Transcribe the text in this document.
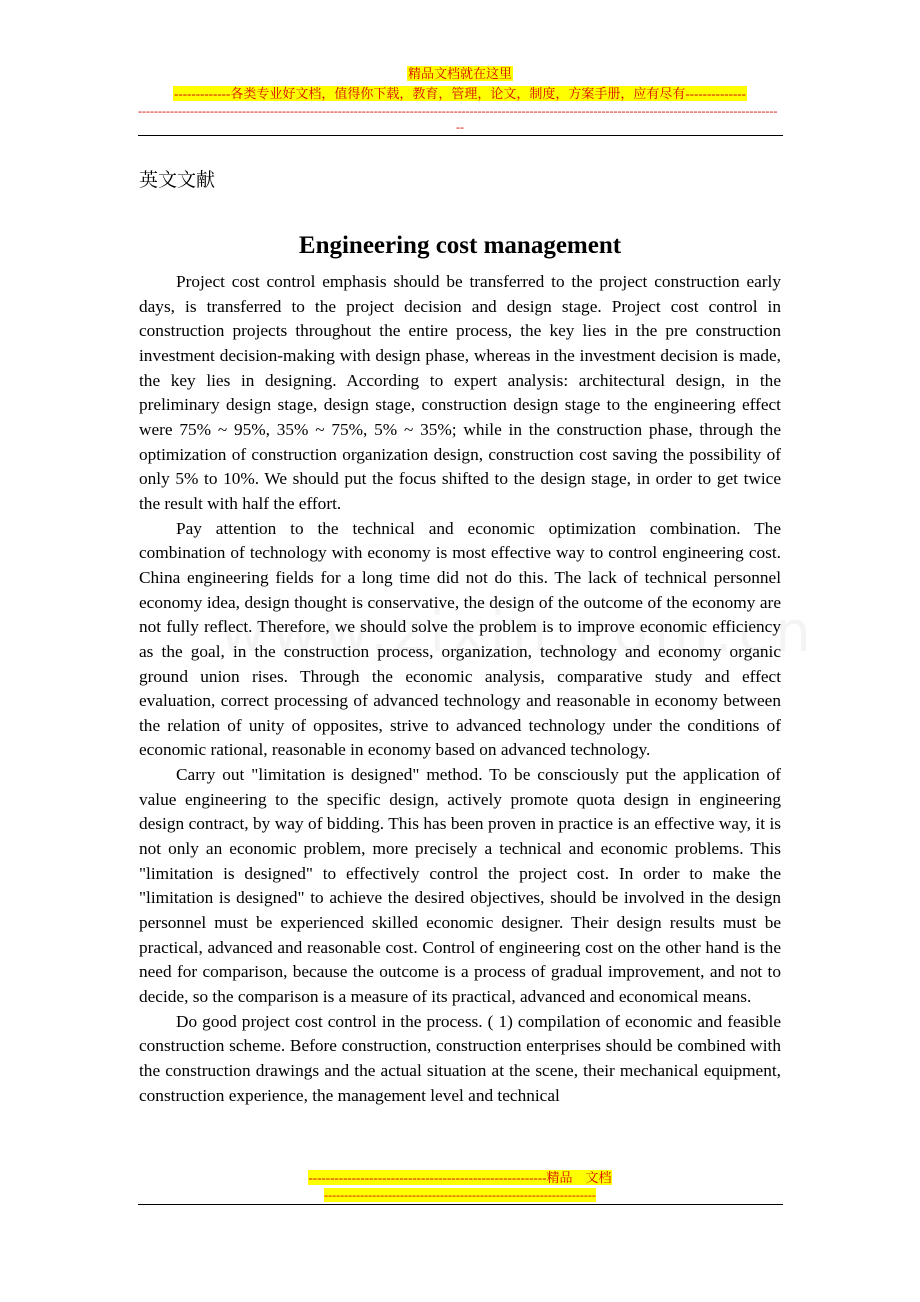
精品文档就在这里
-------------各类专业好文档，值得你下载，教育，管理，论文，制度，方案手册，应有尽有--------------
----------------------------------------------------------------------------------------------------------------------------------------------------------------
--
英文文献
Engineering cost management

Project cost control emphasis should be transferred to the project construction early days, is transferred to the project decision and design stage. Project cost control in construction projects throughout the entire process, the key lies in the pre construction investment decision-making with design phase, whereas in the investment decision is made, the key lies in designing. According to expert analysis: architectural design, in the preliminary design stage, design stage, construction design stage to the engineering effect were 75% ~ 95%, 35% ~ 75%, 5% ~ 35%; while in the construction phase, through the optimization of construction organization design, construction cost saving the possibility of only 5% to 10%. We should put the focus shifted to the design stage, in order to get twice the result with half the effort.

Pay attention to the technical and economic optimization combination. The combination of technology with economy is most effective way to control engineering cost. China engineering fields for a long time did not do this. The lack of technical personnel economy idea, design thought is conservative, the design of the outcome of the economy are not fully reflect. Therefore, we should solve the problem is to improve economic efficiency as the goal, in the construction process, organization, technology and economy organic ground union rises. Through the economic analysis, comparative study and effect evaluation, correct processing of advanced technology and reasonable in economy between the relation of unity of opposites, strive to advanced technology under the conditions of economic rational, reasonable in economy based on advanced technology.

Carry out "limitation is designed" method. To be consciously put the application of value engineering to the specific design, actively promote quota design in engineering design contract, by way of bidding. This has been proven in practice is an effective way, it is not only an economic problem, more precisely a technical and economic problems. This "limitation is designed" to effectively control the project cost. In order to make the "limitation is designed" to achieve the desired objectives, should be involved in the design personnel must be experienced skilled economic designer. Their design results must be practical, advanced and reasonable cost. Control of engineering cost on the other hand is the need for comparison, because the outcome is a process of gradual improvement, and not to decide, so the comparison is a measure of its practical, advanced and economical means.

Do good project cost control in the process. ( 1) compilation of economic and feasible construction scheme. Before construction, construction enterprises should be combined with the construction drawings and the actual situation at the scene, their mechanical equipment, construction experience, the management level and technical

-------------------------------------------------------精品　文档
--------------------------------------------------------------------
